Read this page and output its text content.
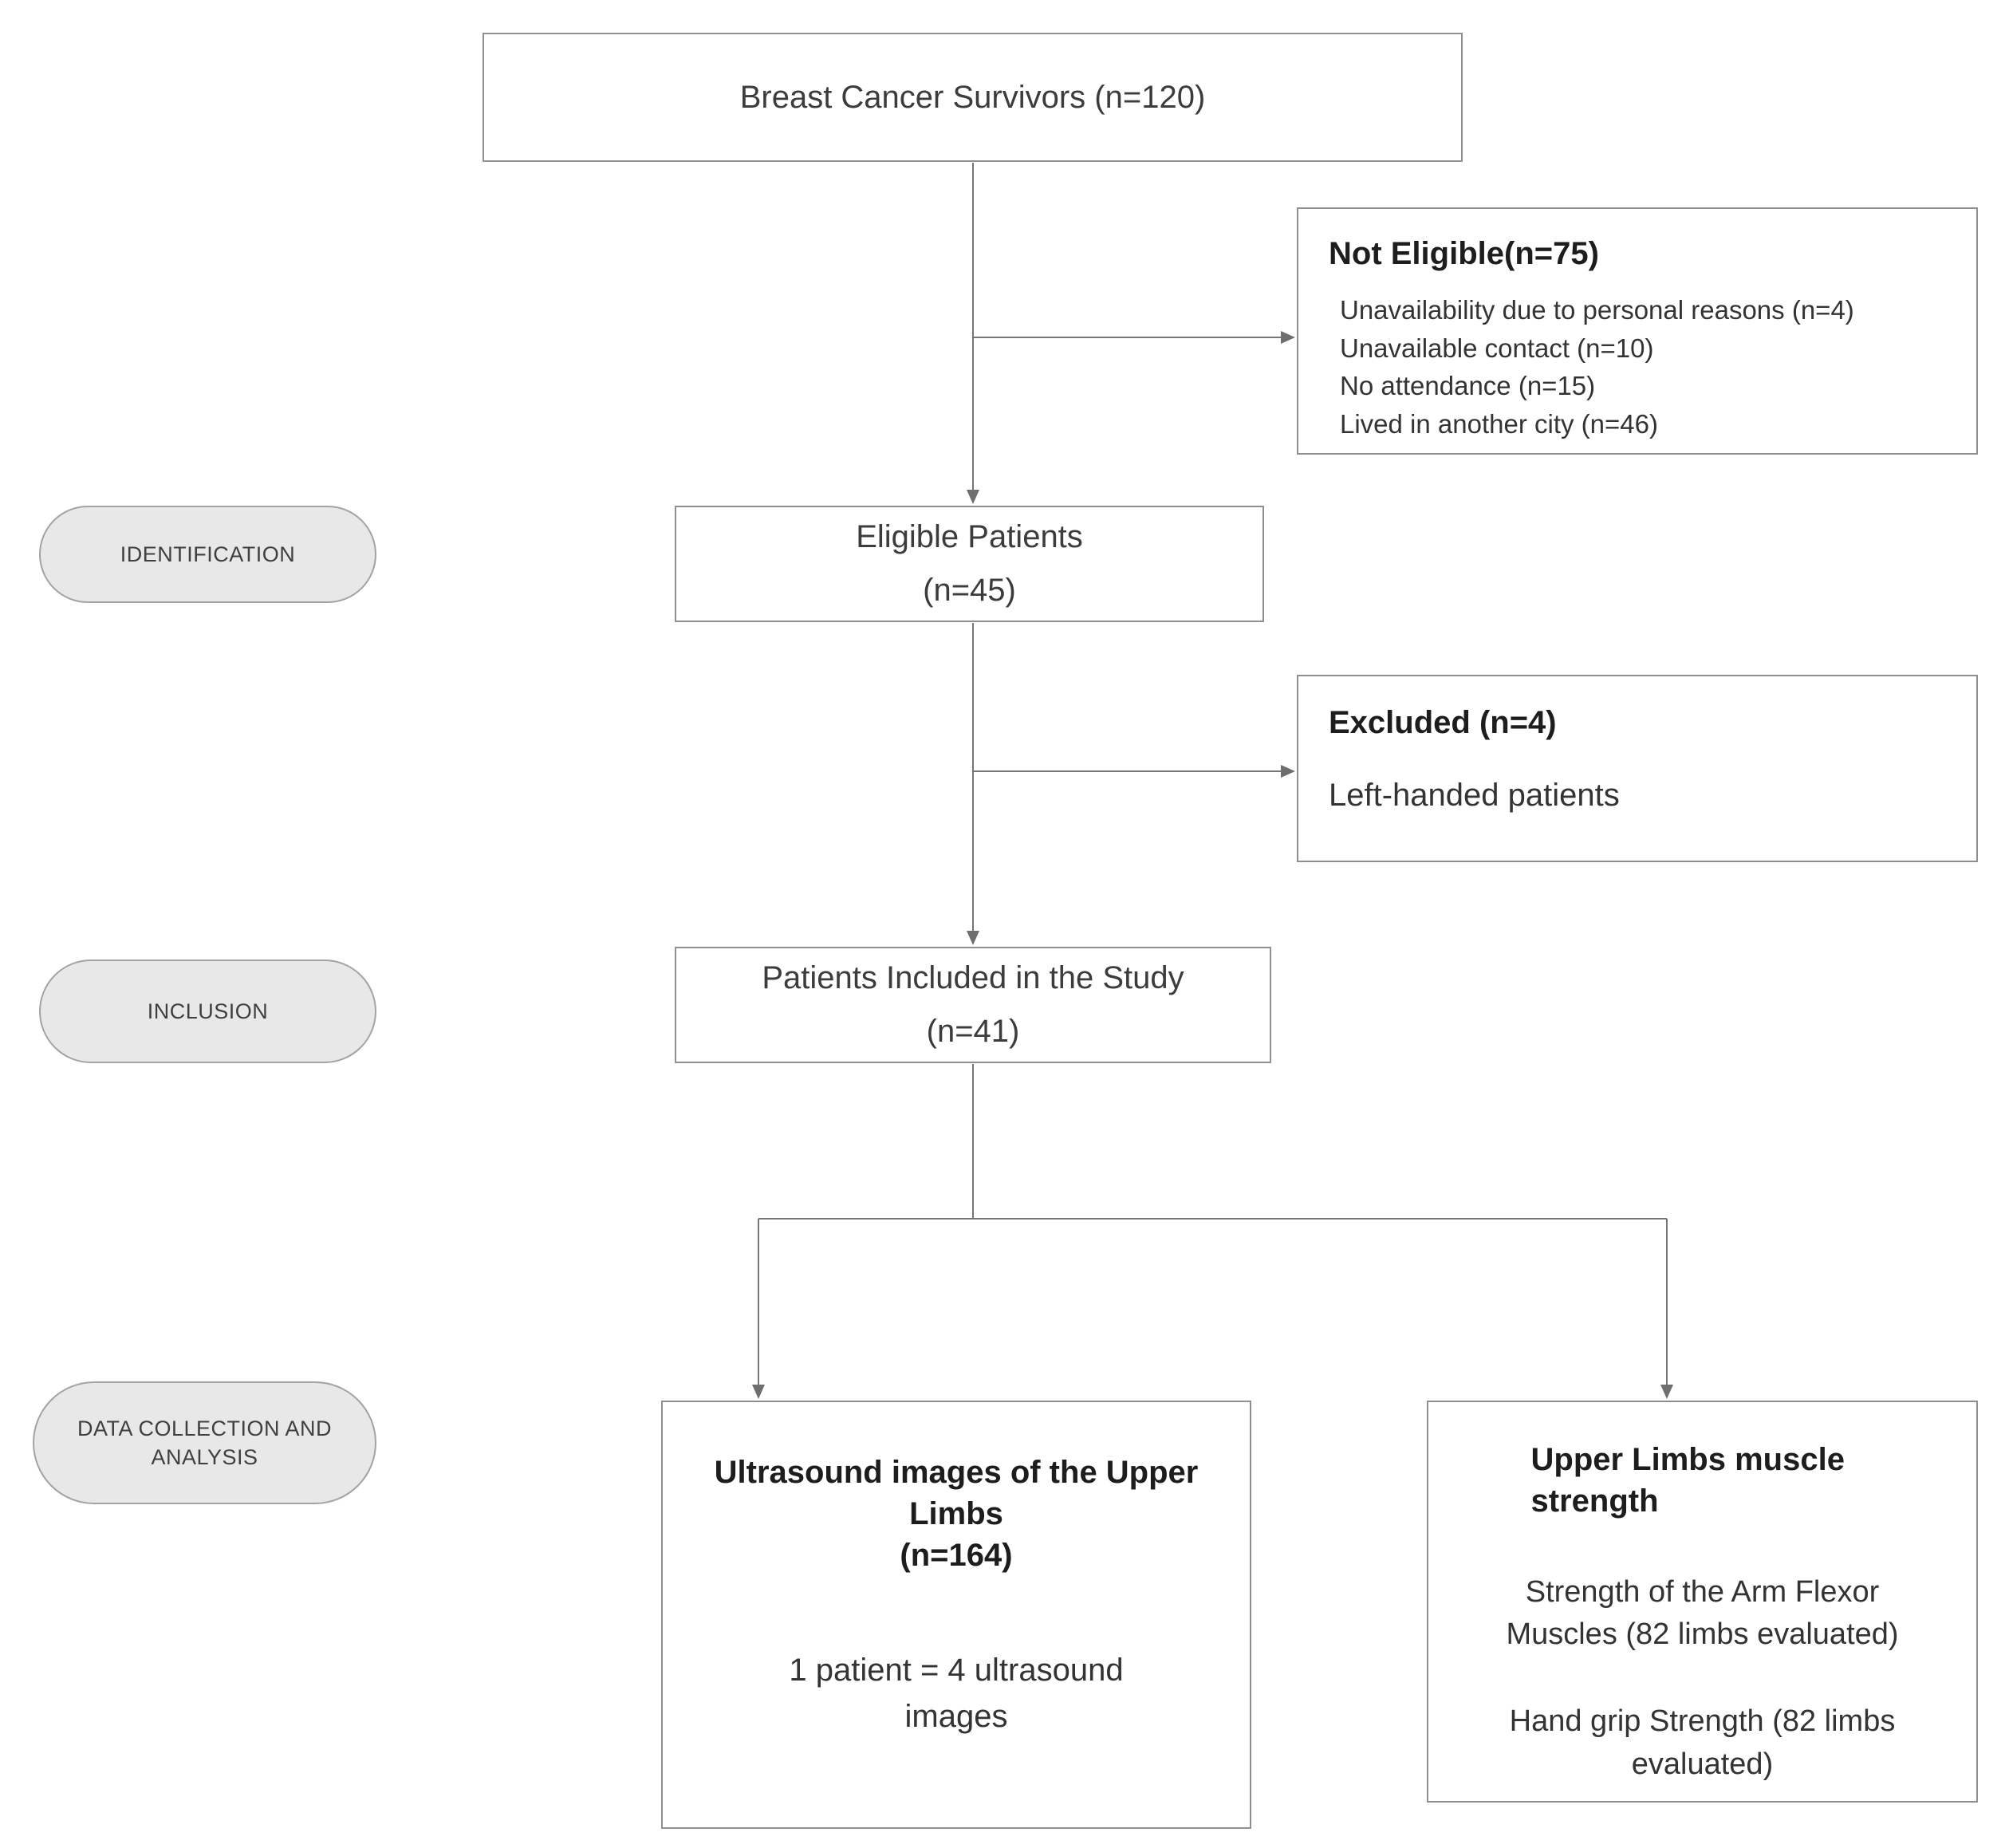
Breast Cancer Survivors (n=120)
Not Eligible(n=75)
Unavailability due to personal reasons (n=4)
Unavailable contact (n=10)
No attendance (n=15)
Lived in another city (n=46)
IDENTIFICATION	Eligible Patients
(n=45)
Excluded (n=4)
Left-handed patients
INCLUSION
Patients Included in the Study
(n=41)
DATA COLLECTION AND ANALYSIS	Ultrasound images of the Upper Limbs
(n=164)
1 patient = 4 ultrasound images
Upper Limbs muscle strength
Strength of the Arm Flexor Muscles (82 limbs evaluated)
Hand grip Strength (82 limbs evaluated)
